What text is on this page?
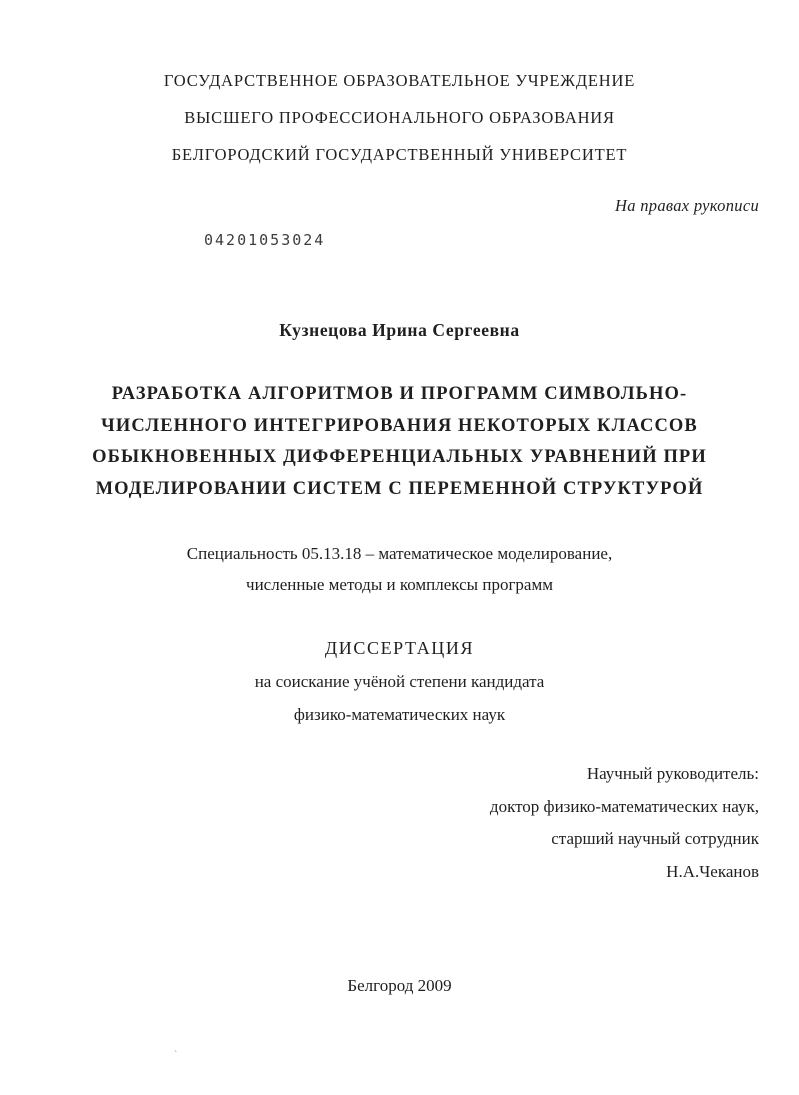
ГОСУДАРСТВЕННОЕ ОБРАЗОВАТЕЛЬНОЕ УЧРЕЖДЕНИЕ
ВЫСШЕГО ПРОФЕССИОНАЛЬНОГО ОБРАЗОВАНИЯ
БЕЛГОРОДСКИЙ ГОСУДАРСТВЕННЫЙ УНИВЕРСИТЕТ
На правах рукописи
04201053024
Кузнецова Ирина Сергеевна
РАЗРАБОТКА АЛГОРИТМОВ И ПРОГРАММ СИМВОЛЬНО-
ЧИСЛЕННОГО ИНТЕГРИРОВАНИЯ НЕКОТОРЫХ КЛАССОВ
ОБЫКНОВЕННЫХ ДИФФЕРЕНЦИАЛЬНЫХ УРАВНЕНИЙ ПРИ
МОДЕЛИРОВАНИИ СИСТЕМ С ПЕРЕМЕННОЙ СТРУКТУРОЙ
Специальность 05.13.18 – математическое моделирование,
численные методы и комплексы программ
ДИССЕРТАЦИЯ
на соискание учёной степени кандидата
физико-математических наук
Научный руководитель:
доктор физико-математических наук,
старший научный сотрудник
Н.А.Чеканов
Белгород 2009
`
